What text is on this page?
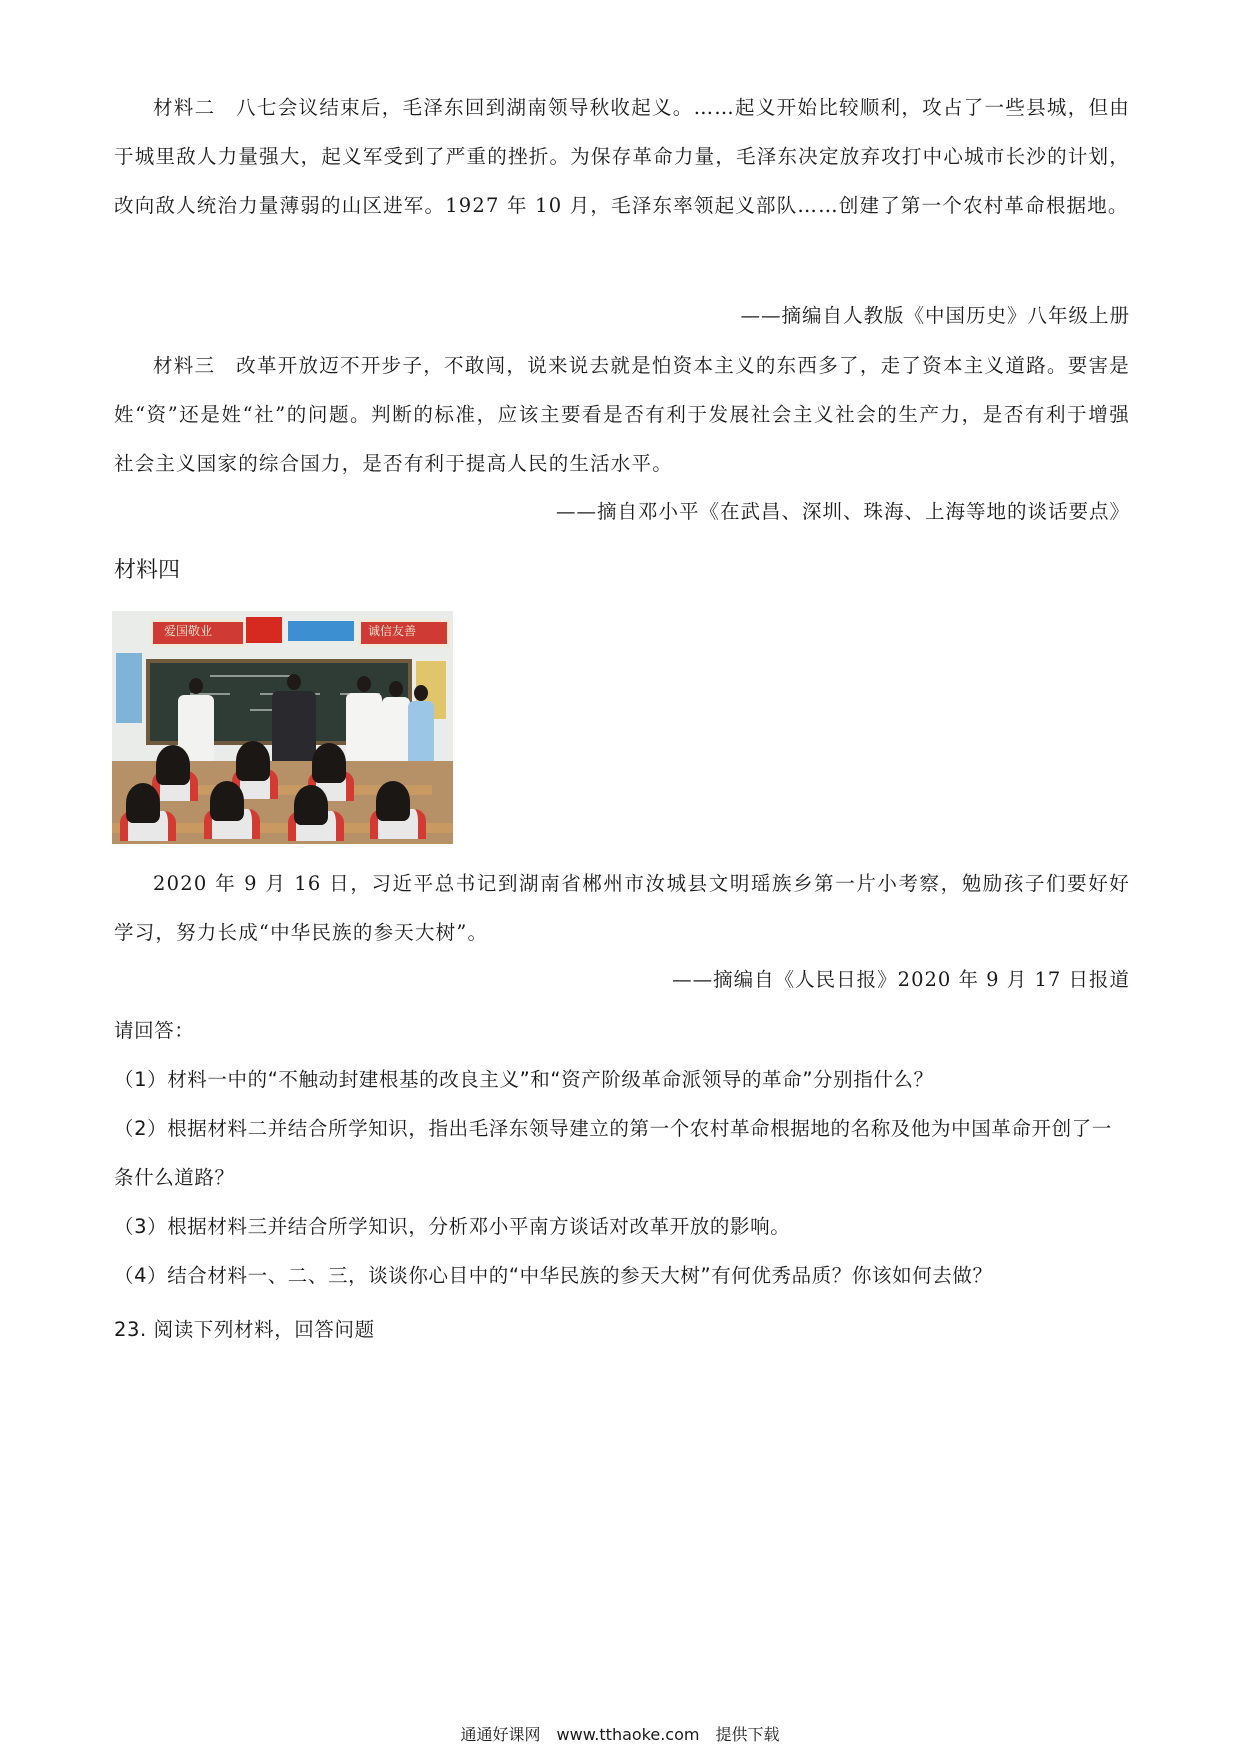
材料二　八七会议结束后，毛泽东回到湖南领导秋收起义。……起义开始比较顺利，攻占了一些县城，但由于城里敌人力量强大，起义军受到了严重的挫折。为保存革命力量，毛泽东决定放弃攻打中心城市长沙的计划，改向敌人统治力量薄弱的山区进军。1927 年 10 月，毛泽东率领起义部队……创建了第一个农村革命根据地。
——摘编自人教版《中国历史》八年级上册
材料三　改革开放迈不开步子，不敢闯，说来说去就是怕资本主义的东西多了，走了资本主义道路。要害是姓“资”还是姓“社”的问题。判断的标准，应该主要看是否有利于发展社会主义社会的生产力，是否有利于增强社会主义国家的综合国力，是否有利于提高人民的生活水平。
——摘自邓小平《在武昌、深圳、珠海、上海等地的谈话要点》
材料四
爱国敬业	诚信友善
2020 年 9 月 16 日，习近平总书记到湖南省郴州市汝城县文明瑶族乡第一片小考察，勉励孩子们要好好学习，努力长成“中华民族的参天大树”。
——摘编自《人民日报》2020 年 9 月 17 日报道
请回答：
（1）材料一中的“不触动封建根基的改良主义”和“资产阶级革命派领导的革命”分别指什么？
（2）根据材料二并结合所学知识，指出毛泽东领导建立的第一个农村革命根据地的名称及他为中国革命开创了一条什么道路？
（3）根据材料三并结合所学知识，分析邓小平南方谈话对改革开放的影响。
（4）结合材料一、二、三，谈谈你心目中的“中华民族的参天大树”有何优秀品质？你该如何去做？
23. 阅读下列材料，回答问题
通通好课网　www.tthaoke.com　提供下载
